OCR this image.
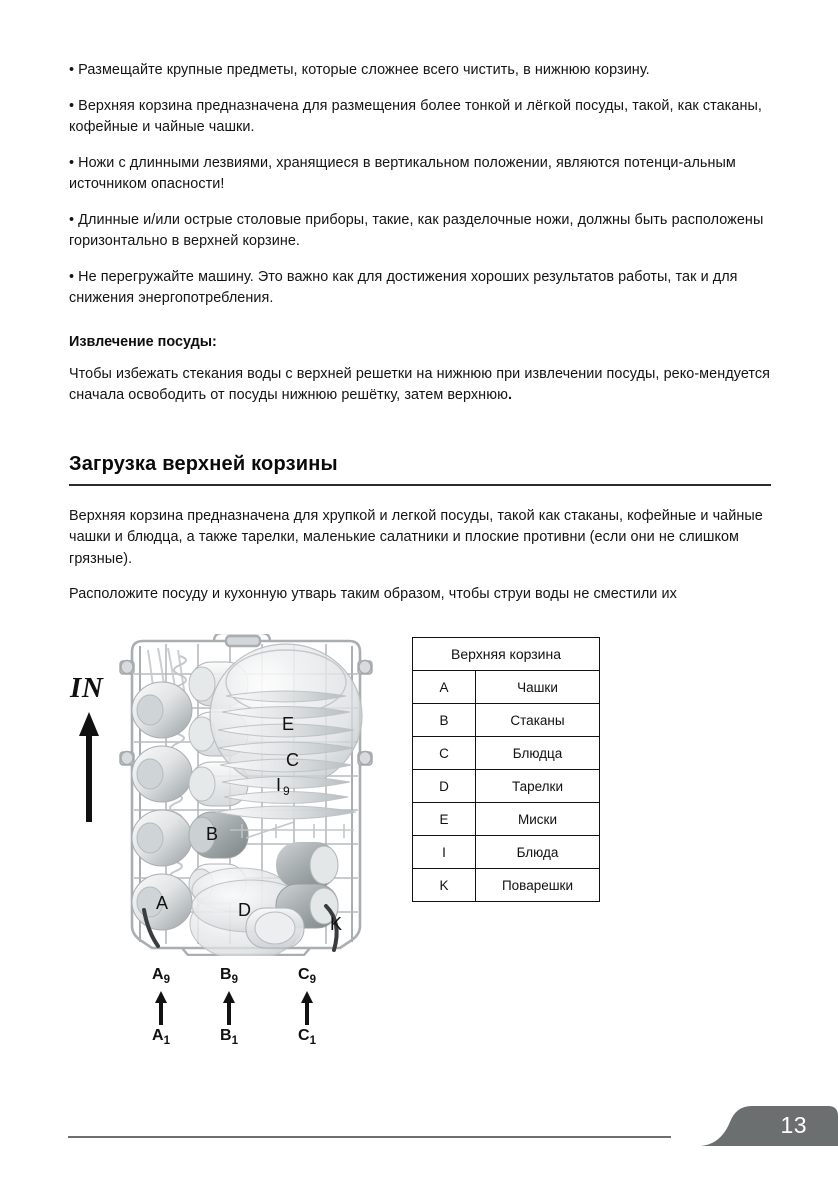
• Размещайте крупные предметы, которые сложнее всего чистить, в нижнюю корзину.

• Верхняя корзина предназначена для размещения более тонкой и лёгкой посуды, такой, как стаканы, кофейные и чайные чашки.

• Ножи с длинными лезвиями, хранящиеся в вертикальном положении, являются потенци-альным источником опасности!

• Длинные и/или острые столовые приборы, такие, как разделочные ножи, должны быть расположены горизонтально в верхней корзине.

• Не перегружайте машину. Это важно как для достижения хороших результатов работы, так и для снижения энергопотребления.

Извлечение посуды:

Чтобы избежать стекания воды с верхней решетки на нижнюю при извлечении посуды, реко-мендуется сначала освободить от посуды нижнюю решётку, затем верхнюю.

Загрузка верхней корзины

Верхняя корзина предназначена для хрупкой и легкой посуды, такой как стаканы, кофейные и чайные чашки и блюдца, а также тарелки, маленькие салатники и плоские противни (если они не слишком грязные).

Расположите посуду и кухонную утварь таким образом, чтобы струи воды не сместили их

IN
A
B
C
D
E
I 9
K
$A_9$
$A_1$
$B_9$
$B_1$
$C_9$
$C_1$
Верхняя корзина	
A	Чашки
B	Стаканы
C	Блюдца
D	Тарелки
E	Миски
I	Блюда
K	Поварешки
13
